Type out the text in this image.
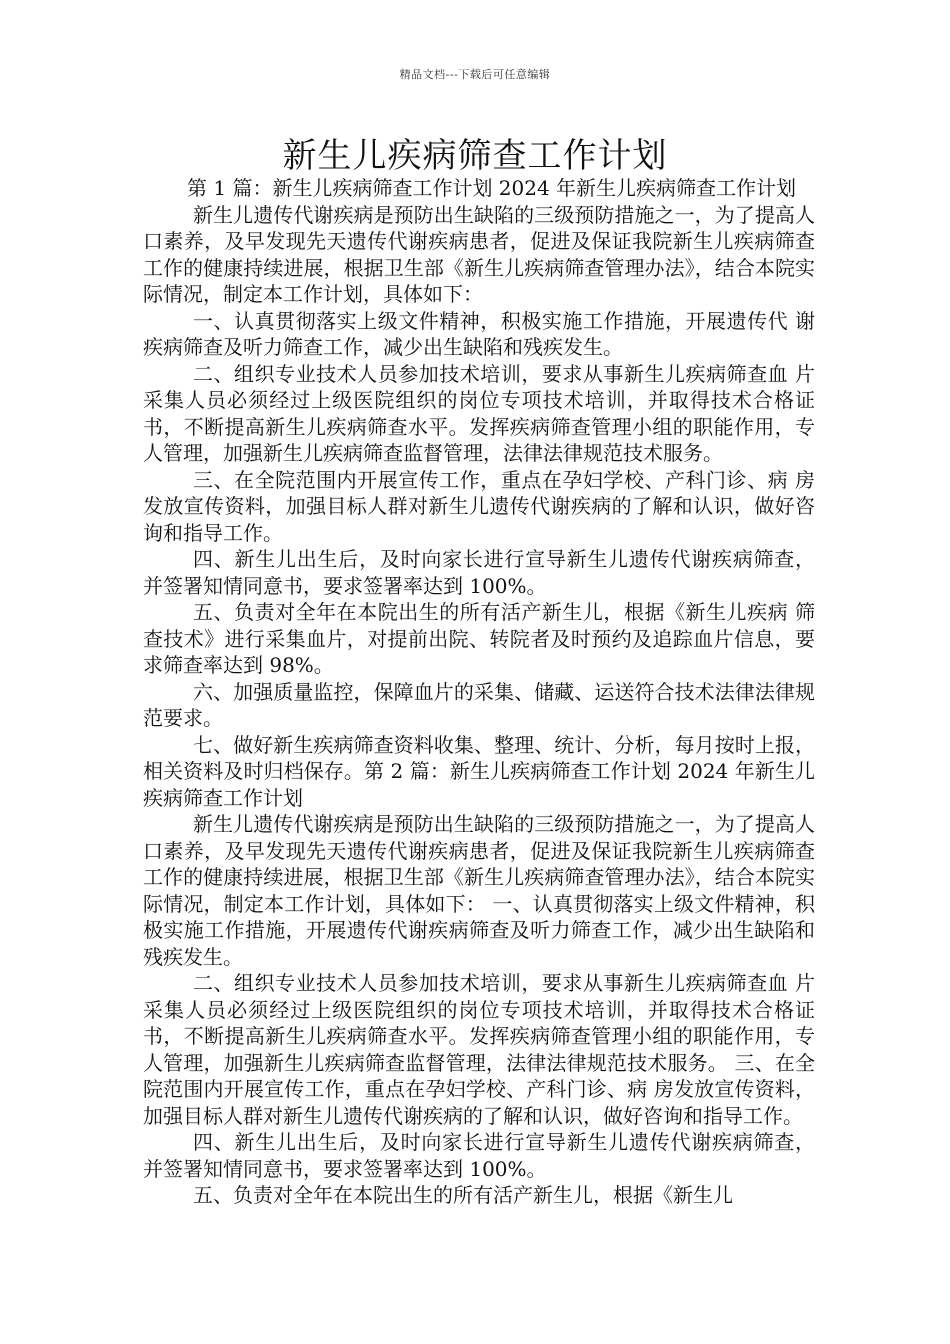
精品文档---下载后可任意编辑
新生儿疾病筛查工作计划

第 1 篇：新生儿疾病筛查工作计划 2024 年新生儿疾病筛查工作计划

新生儿遗传代谢疾病是预防出生缺陷的三级预防措施之一，为了提高人口素养，及早发现先天遗传代谢疾病患者，促进及保证我院新生儿疾病筛查工作的健康持续进展，根据卫生部《新生儿疾病筛查管理办法》，结合本院实际情况，制定本工作计划，具体如下：

一、认真贯彻落实上级文件精神，积极实施工作措施，开展遗传代 谢疾病筛查及听力筛查工作，减少出生缺陷和残疾发生。

二、组织专业技术人员参加技术培训，要求从事新生儿疾病筛查血 片采集人员必须经过上级医院组织的岗位专项技术培训，并取得技术合格证书，不断提高新生儿疾病筛查水平。发挥疾病筛查管理小组的职能作用，专人管理，加强新生儿疾病筛查监督管理，法律法律规范技术服务。

三、在全院范围内开展宣传工作，重点在孕妇学校、产科门诊、病 房发放宣传资料，加强目标人群对新生儿遗传代谢疾病的了解和认识，做好咨询和指导工作。

四、新生儿出生后，及时向家长进行宣导新生儿遗传代谢疾病筛查， 并签署知情同意书，要求签署率达到 100%。

五、负责对全年在本院出生的所有活产新生儿，根据《新生儿疾病 筛查技术》进行采集血片，对提前出院、转院者及时预约及追踪血片信息，要求筛查率达到 98%。

六、加强质量监控，保障血片的采集、储藏、运送符合技术法律法律规范要求。

七、做好新生疾病筛查资料收集、整理、统计、分析，每月按时上报， 相关资料及时归档保存。第 2 篇：新生儿疾病筛查工作计划 2024 年新生儿疾病筛查工作计划

新生儿遗传代谢疾病是预防出生缺陷的三级预防措施之一，为了提高人口素养，及早发现先天遗传代谢疾病患者，促进及保证我院新生儿疾病筛查工作的健康持续进展，根据卫生部《新生儿疾病筛查管理办法》，结合本院实际情况，制定本工作计划，具体如下： 一、认真贯彻落实上级文件精神，积极实施工作措施，开展遗传代谢疾病筛查及听力筛查工作，减少出生缺陷和残疾发生。

二、组织专业技术人员参加技术培训，要求从事新生儿疾病筛查血 片采集人员必须经过上级医院组织的岗位专项技术培训，并取得技术合格证书，不断提高新生儿疾病筛查水平。发挥疾病筛查管理小组的职能作用，专人管理，加强新生儿疾病筛查监督管理，法律法律规范技术服务。 三、在全院范围内开展宣传工作，重点在孕妇学校、产科门诊、病 房发放宣传资料，加强目标人群对新生儿遗传代谢疾病的了解和认识，做好咨询和指导工作。

四、新生儿出生后，及时向家长进行宣导新生儿遗传代谢疾病筛查， 并签署知情同意书，要求签署率达到 100%。

五、负责对全年在本院出生的所有活产新生儿，根据《新生儿
